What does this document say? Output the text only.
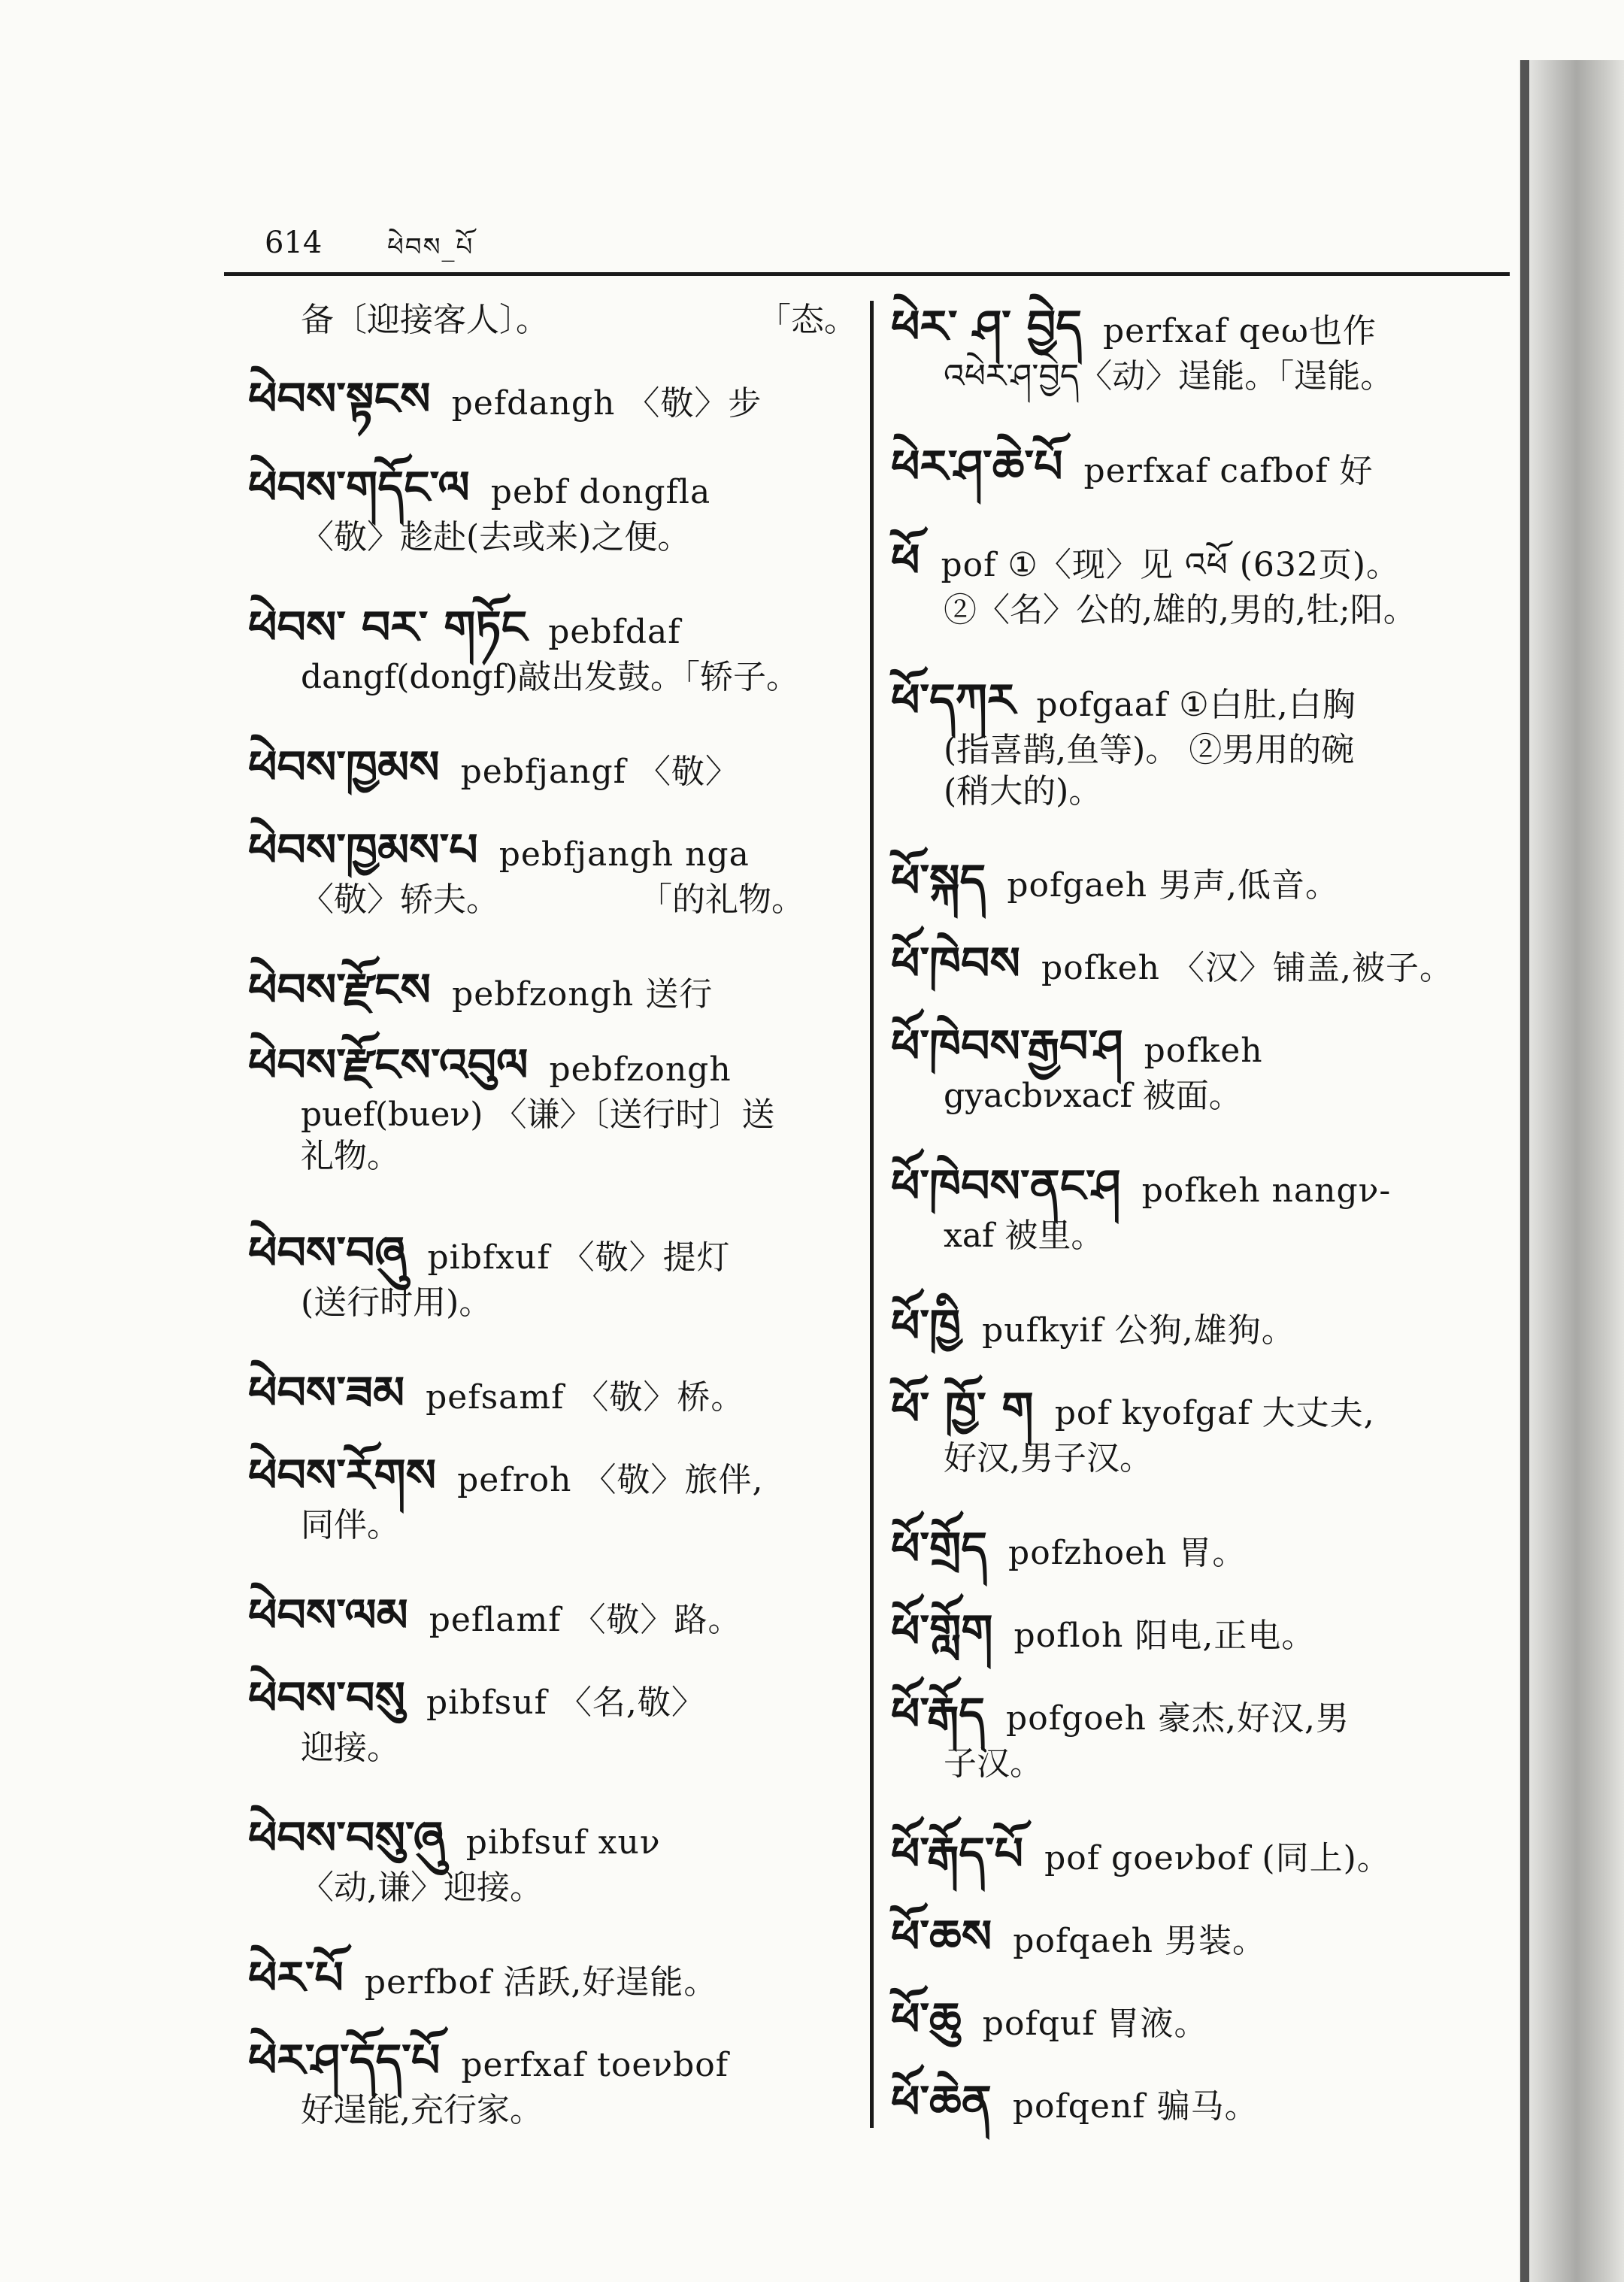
614	ཕེབས_པོ
备〔迎接客人〕。	「态。
ཕེབས་སྟངས pefdangh 〈敬〉步
ཕེབས་གདོང་ལ pebf dongfla
〈敬〉趁赴(去或来)之便。
ཕེབས་ བར་ གཏོང pebfdaf
dangf(dongf)敲出发鼓。「轿子。
ཕེབས་ཁྱམས pebfjangf 〈敬〉
ཕེབས་ཁྱམས་པ pebfjangh nga
〈敬〉轿夫。	「的礼物。
ཕེབས་རྫོངས pebfzongh 送行
ཕེབས་རྫོངས་འབུལ pebfzongh
puef(bueν) 〈谦〉〔送行时〕送
礼物。
ཕེབས་བཞུ pibfxuf 〈敬〉提灯
(送行时用)。
ཕེབས་ཟམ pefsamf 〈敬〉桥。
ཕེབས་རོགས pefroh 〈敬〉旅伴,
同伴。
ཕེབས་ལམ peflamf 〈敬〉路。
ཕེབས་བསུ pibfsuf 〈名,敬〉
迎接。
ཕེབས་བསུ་ཞུ pibfsuf xuν
〈动,谦〉迎接。
ཕེར་པོ perfbof 活跃,好逞能。
ཕེར་ཤ་དོད་པོ perfxaf toeνbof
好逞能,充行家。
ཕེར་ ཤ་ བྱེད perfxaf qeω也作
འཕེར་ཤ་བྱེད〈动〉逞能。「逞能。
ཕེར་ཤ་ཆེ་པོ perfxaf cafbof 好
ཕོ pof ①〈现〉见 འཕོ (632页)。
②〈名〉公的,雄的,男的,牡;阳。
ཕོ་དཀར pofgaaf ①白肚,白胸
(指喜鹊,鱼等)。 ②男用的碗
(稍大的)。
ཕོ་སྐད pofgaeh 男声,低音。
ཕོ་ཁེབས pofkeh 〈汉〉铺盖,被子。
ཕོ་ཁེབས་རྒྱབ་ཤ pofkeh
gyacbνxacf 被面。
ཕོ་ཁེབས་ནང་ཤ pofkeh nangν-
xaf 被里。
ཕོ་ཁྱི pufkyif 公狗,雄狗。
ཕོ་ ཁྱོ་ ག pof kyofgaf 大丈夫,
好汉,男子汉。
ཕོ་གྲོད pofzhoeh 胃。
ཕོ་གློག pofloh 阳电,正电。
ཕོ་རྒོད pofgoeh 豪杰,好汉,男
子汉。
ཕོ་རྒོད་པོ pof goeνbof (同上)。
ཕོ་ཆས pofqaeh 男装。
ཕོ་ཆུ pofquf 胃液。
ཕོ་ཆེན pofqenf 骗马。
